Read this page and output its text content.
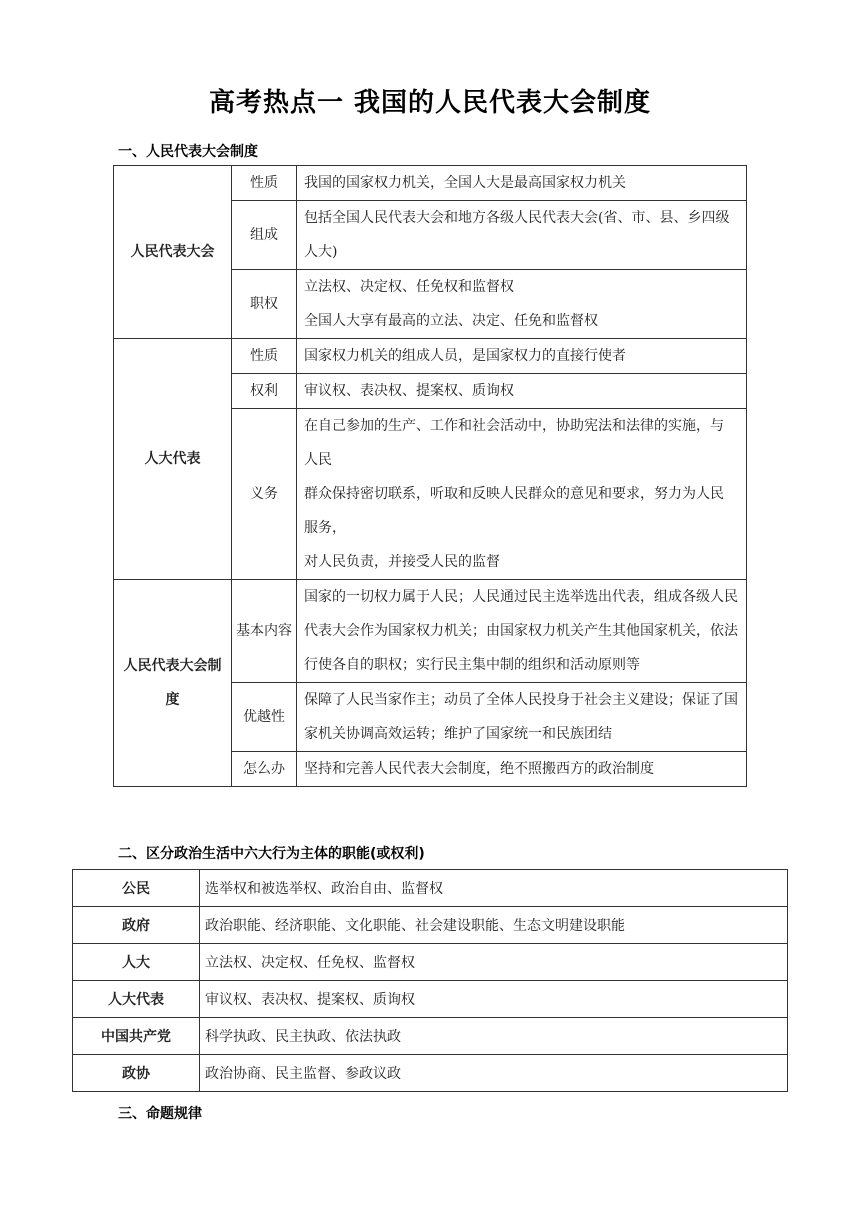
高考热点一 我国的人民代表大会制度
一、人民代表大会制度
人民代表大会	性质	我国的国家权力机关，全国人大是最高国家权力机关

	组成	包括全国人民代表大会和地方各级人民代表大会(省、市、县、乡四级人大)

	职权	立法权、决定权、任免权和监督权
全国人大享有最高的立法、决定、任免和监督权

人大代表	性质	国家权力机关的组成人员，是国家权力的直接行使者

	权利	审议权、表决权、提案权、质询权

	义务	在自己参加的生产、工作和社会活动中，协助宪法和法律的实施，与
人民
群众保持密切联系，听取和反映人民群众的意见和要求，努力为人民
服务，
对人民负责，并接受人民的监督

人民代表大会制度	基本内容	国家的一切权力属于人民；人民通过民主选举选出代表，组成各级人民代表大会作为国家权力机关；由国家权力机关产生其他国家机关，依法行使各自的职权；实行民主集中制的组织和活动原则等

	优越性	保障了人民当家作主；动员了全体人民投身于社会主义建设；保证了国家机关协调高效运转；维护了国家统一和民族团结

	怎么办	坚持和完善人民代表大会制度，绝不照搬西方的政治制度
二、区分政治生活中六大行为主体的职能(或权利)
公民	选举权和被选举权、政治自由、监督权
政府	政治职能、经济职能、文化职能、社会建设职能、生态文明建设职能
人大	立法权、决定权、任免权、监督权
人大代表	审议权、表决权、提案权、质询权
中国共产党	科学执政、民主执政、依法执政
政协	政治协商、民主监督、参政议政
三、命题规律
